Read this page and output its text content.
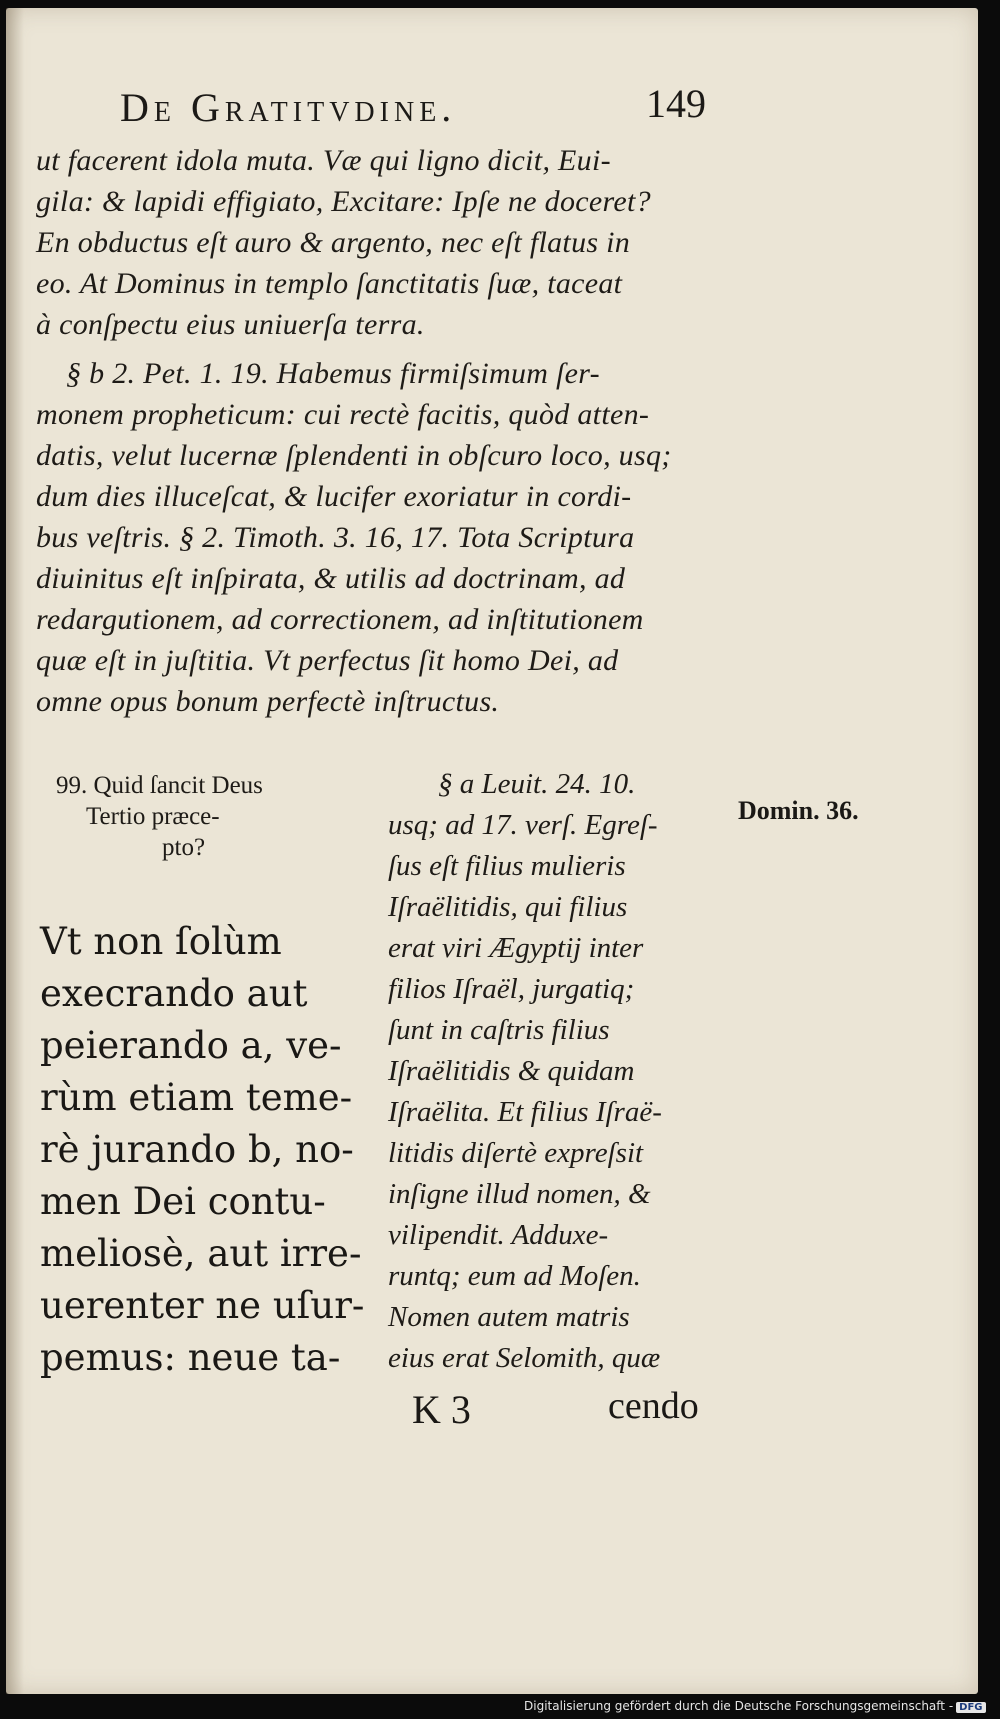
De Gratitvdine.	149
ut facerent idola muta. Væ qui ligno dicit, Eui-
gila: & lapidi effigiato, Excitare: Ipſe ne doceret?
En obductus eſt auro & argento, nec eſt flatus in
eo. At Dominus in templo ſanctitatis ſuæ, taceat
à conſpectu eius uniuerſa terra.
§ b 2. Pet. 1. 19. Habemus firmiſsimum ſer-
monem propheticum: cui rectè facitis, quòd atten-
datis, velut lucernæ ſplendenti in obſcuro loco, usq;
dum dies illuceſcat, & lucifer exoriatur in cordi-
bus veſtris. § 2. Timoth. 3. 16, 17. Tota Scriptura
diuinitus eſt inſpirata, & utilis ad doctrinam, ad
redargutionem, ad correctionem, ad inſtitutionem
quæ eſt in juſtitia. Vt perfectus ſit homo Dei, ad
omne opus bonum perfectè inſtructus.
99. Quid ſancit Deus
Tertio præce-
pto?
Vt non ſolùm
execrando aut
peierando a, ve-
rùm etiam teme-
rè jurando b, no-
men Dei contu-
meliosè, aut irre-
uerenter ne uſur-
pemus: neue ta-
§ a Leuit. 24. 10.
usq; ad 17. verſ. Egreſ-
ſus eſt filius mulieris
Iſraëlitidis, qui filius
erat viri Ægyptij inter
filios Iſraël, jurgatiq;
ſunt in caſtris filius
Iſraëlitidis & quidam
Iſraëlita. Et filius Iſraë-
litidis diſertè expreſsit
inſigne illud nomen, &
vilipendit. Adduxe-
runtq; eum ad Moſen.
Nomen autem matris
eius erat Selomith, quæ
Domin. 36.
K 3	cendo
Digitalisierung gefördert durch die Deutsche Forschungsgemeinschaft - DFG
